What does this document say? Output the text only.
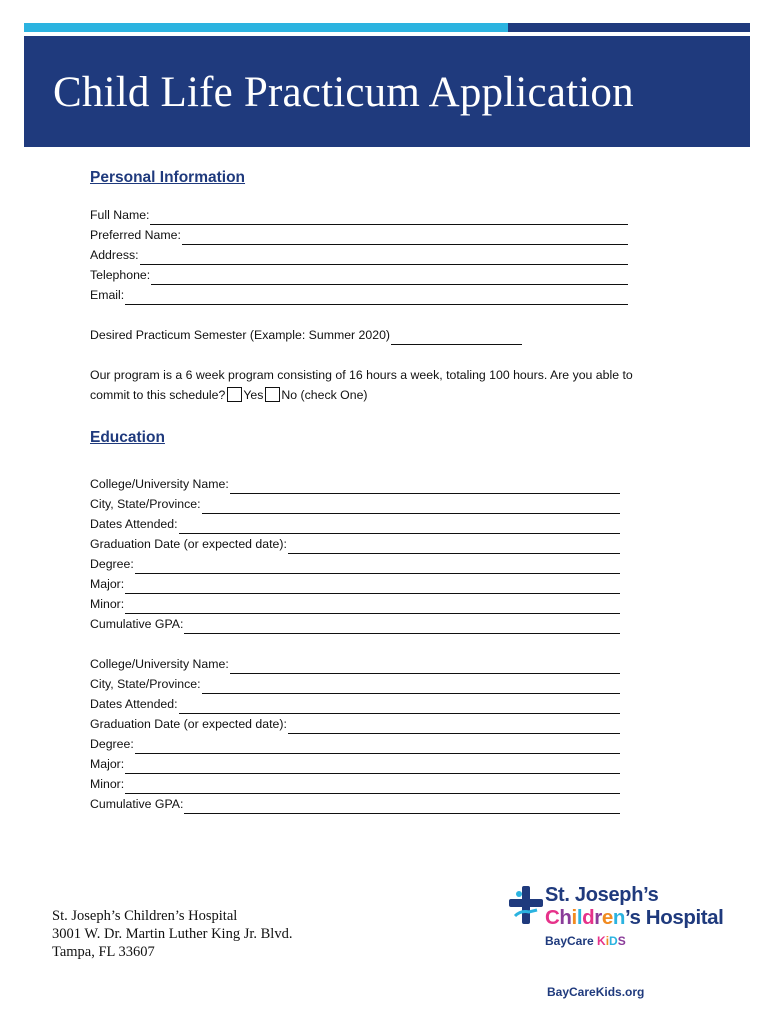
Child Life Practicum Application
Personal Information
Full Name:
Preferred Name:
Address:
Telephone:
Email:
Desired Practicum Semester (Example: Summer 2020)
Our program is a 6 week program consisting of 16 hours a week, totaling 100 hours. Are you able to
commit to this schedule? Yes No (check One)
Education
College/University Name:
City, State/Province:
Dates Attended:
Graduation Date (or expected date):
Degree:
Major:
Minor:
Cumulative GPA:
College/University Name:
City, State/Province:
Dates Attended:
Graduation Date (or expected date):
Degree:
Major:
Minor:
Cumulative GPA:
St. Joseph’s Children’s Hospital
3001 W. Dr. Martin Luther King Jr. Blvd.
Tampa, FL 33607
St. Joseph’s
Children’s Hospital
BayCare KiDS
BayCareKids.org
